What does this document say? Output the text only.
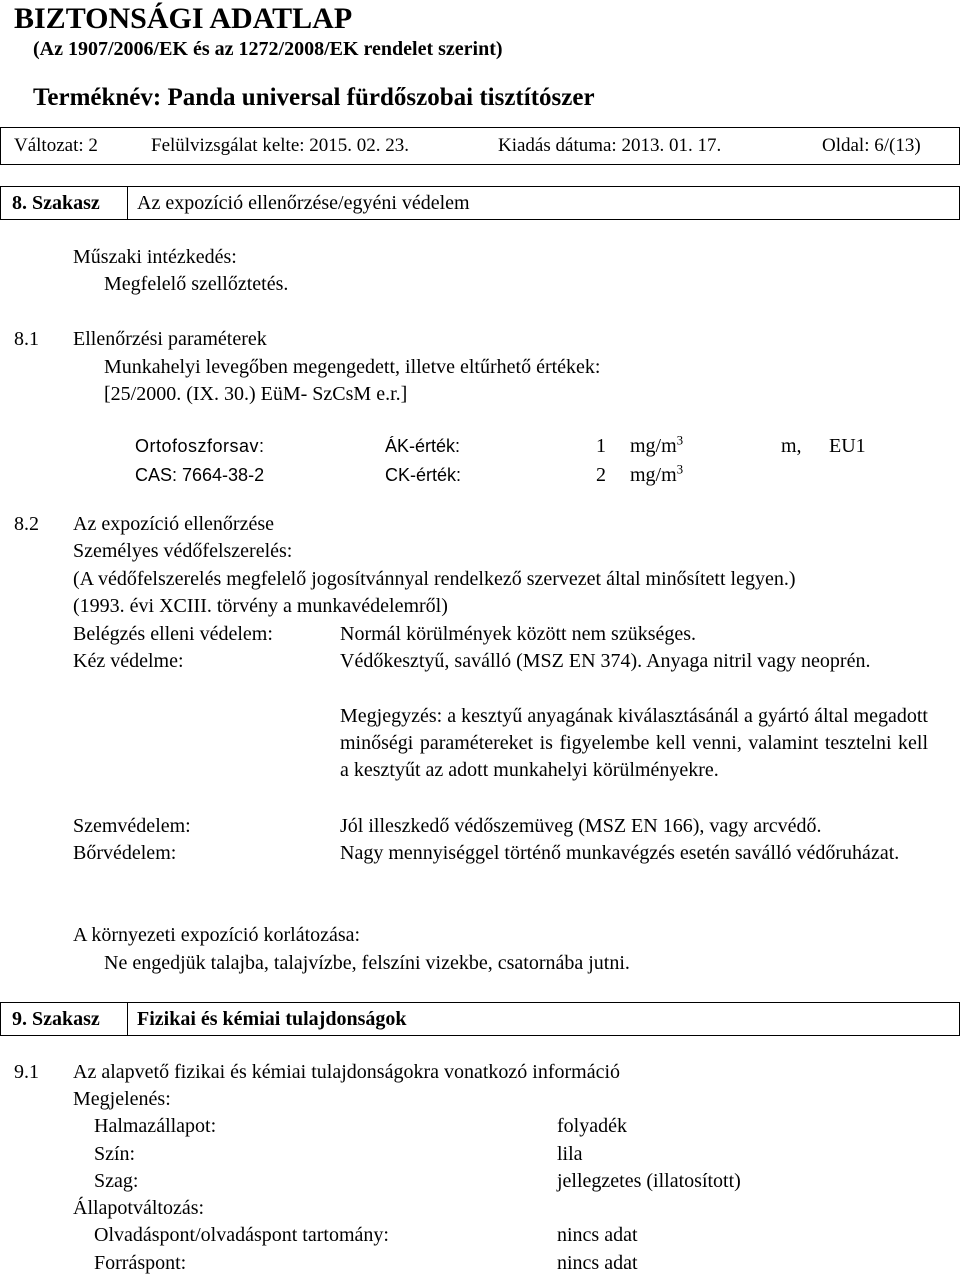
BIZTONSÁGI ADATLAP
(Az 1907/2006/EK és az 1272/2008/EK rendelet szerint)
Terméknév: Panda universal fürdőszobai tisztítószer
Változat: 2	Felülvizsgálat kelte: 2015. 02. 23.	Kiadás dátuma: 2013. 01. 17.	Oldal: 6/(13)
8. Szakasz	Az expozíció ellenőrzése/egyéni védelem
Műszaki intézkedés:
Megfelelő szellőztetés.
8.1 Ellenőrzési paraméterek
Munkahelyi levegőben megengedett, illetve eltűrhető értékek:
[25/2000. (IX. 30.) EüM- SzCsM e.r.]
Ortofoszforsav:	ÁK-érték:	1 $mg/m^3$	m, EU1
CAS: 7664-38-2	CK-érték:	2 $mg/m^3$
8.2 Az expozíció ellenőrzése
Személyes védőfelszerelés:
(A védőfelszerelés megfelelő jogosítvánnyal rendelkező szervezet által minősített legyen.)
(1993. évi XCIII. törvény a munkavédelemről)
Belégzés elleni védelem:	Normál körülmények között nem szükséges.
Kéz védelme:	Védőkesztyű, saválló (MSZ EN 374). Anyaga nitril vagy neoprén.
Megjegyzés: a kesztyű anyagának kiválasztásánál a gyártó által megadott minőségi paramétereket is figyelembe kell venni, valamint tesztelni kell a kesztyűt az adott munkahelyi körülményekre.
Szemvédelem:	Jól illeszkedő védőszemüveg (MSZ EN 166), vagy arcvédő.
Bőrvédelem:	Nagy mennyiséggel történő munkavégzés esetén saválló védőruházat.
A környezeti expozíció korlátozása:
Ne engedjük talajba, talajvízbe, felszíni vizekbe, csatornába jutni.
9. Szakasz	Fizikai és kémiai tulajdonságok
9.1 Az alapvető fizikai és kémiai tulajdonságokra vonatkozó információ
Megjelenés:
Halmazállapot:	folyadék
Szín:	lila
Szag:	jellegzetes (illatosított)
Állapotváltozás:
Olvadáspont/olvadáspont tartomány:	nincs adat
Forráspont:	nincs adat
